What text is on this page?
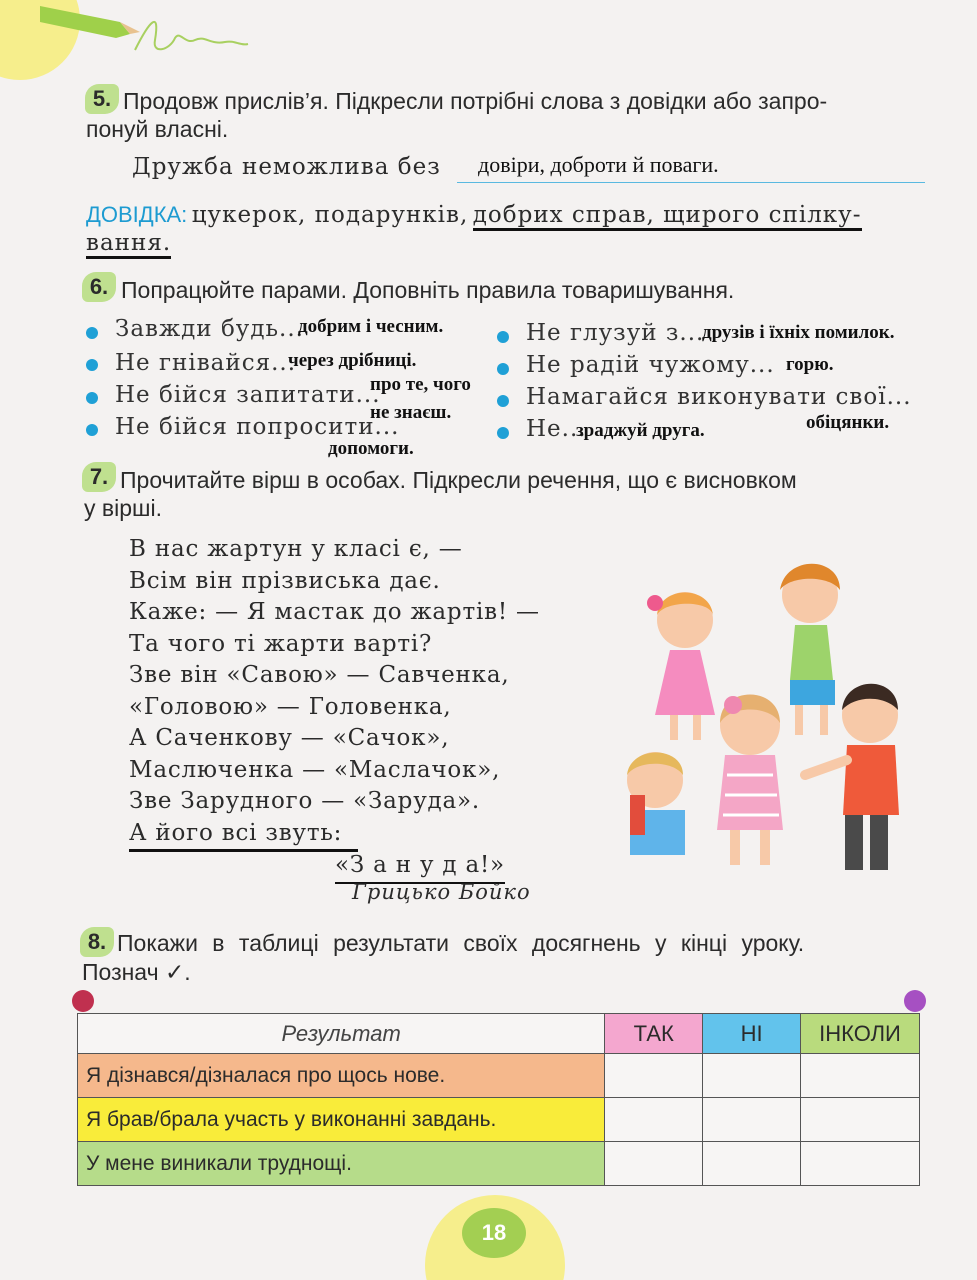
5. Продовж прислів’я. Підкресли потрібні слова з довідки або запро-
понуй власні.
Дружба неможлива без довіри, доброти й поваги.
ДОВІДКА: цукерок, подарунків, добрих справ, щирого спілку-
вання.
6. Попрацюйте парами. Доповніть правила товаришування.
Завжди будь...
добрим і чесним.
Не гнівайся...
через дрібниці.
Не бійся запитати...
про те, чого
не знаєш.
Не бійся попросити...
допомоги.
Не глузуй з...
друзів і їхніх помилок.
Не радій чужому... горю.
Намагайся виконувати свої...
обіцянки.
Не...
зраджуй друга.
7. Прочитайте вірш в особах. Підкресли речення, що є висновком
у вірші.
В нас жартун у класі є, —
Всім він прізвиська дає.
Каже: — Я мастак до жартів! —
Та чого ті жарти варті?
Зве він «Савою» — Савченка,
«Головою» — Головенка,
А Саченкову — «Сачок»,
Маслюченка — «Маслачок»,
Зве Зарудного — «Заруда».
А його всі звуть:
«З а н у д а!»
Грицько Бойко
8. Покажи в таблиці результати своїх досягнень у кінці уроку.
Познач ✓.
Результат	ТАК	НІ	ІНКОЛИ
Я дізнався/дізналася про щось нове.			
Я брав/брала участь у виконанні завдань.			
У мене виникали труднощі.			
18
